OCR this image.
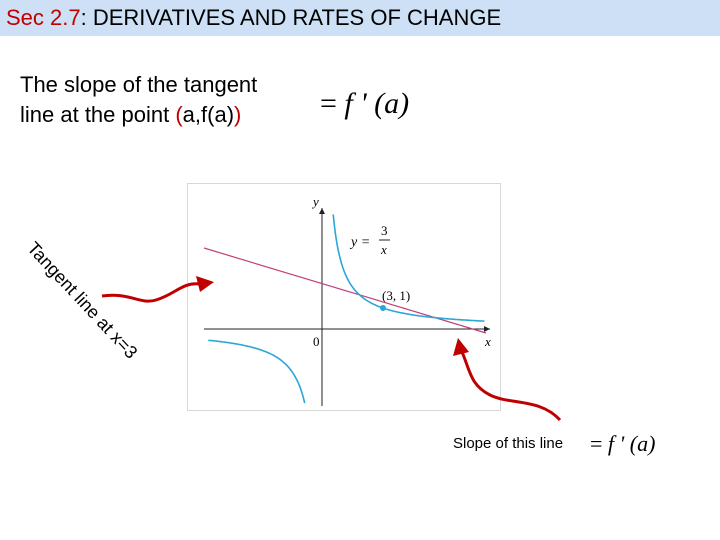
Sec 2.7: DERIVATIVES AND RATES OF CHANGE
The slope of the tangent
line at the point (a,f(a))	= f ' (a)
y
x
0
y =
3
x
(3, 1)
Tangent line at x=3
Slope of this line = f ' (a)
